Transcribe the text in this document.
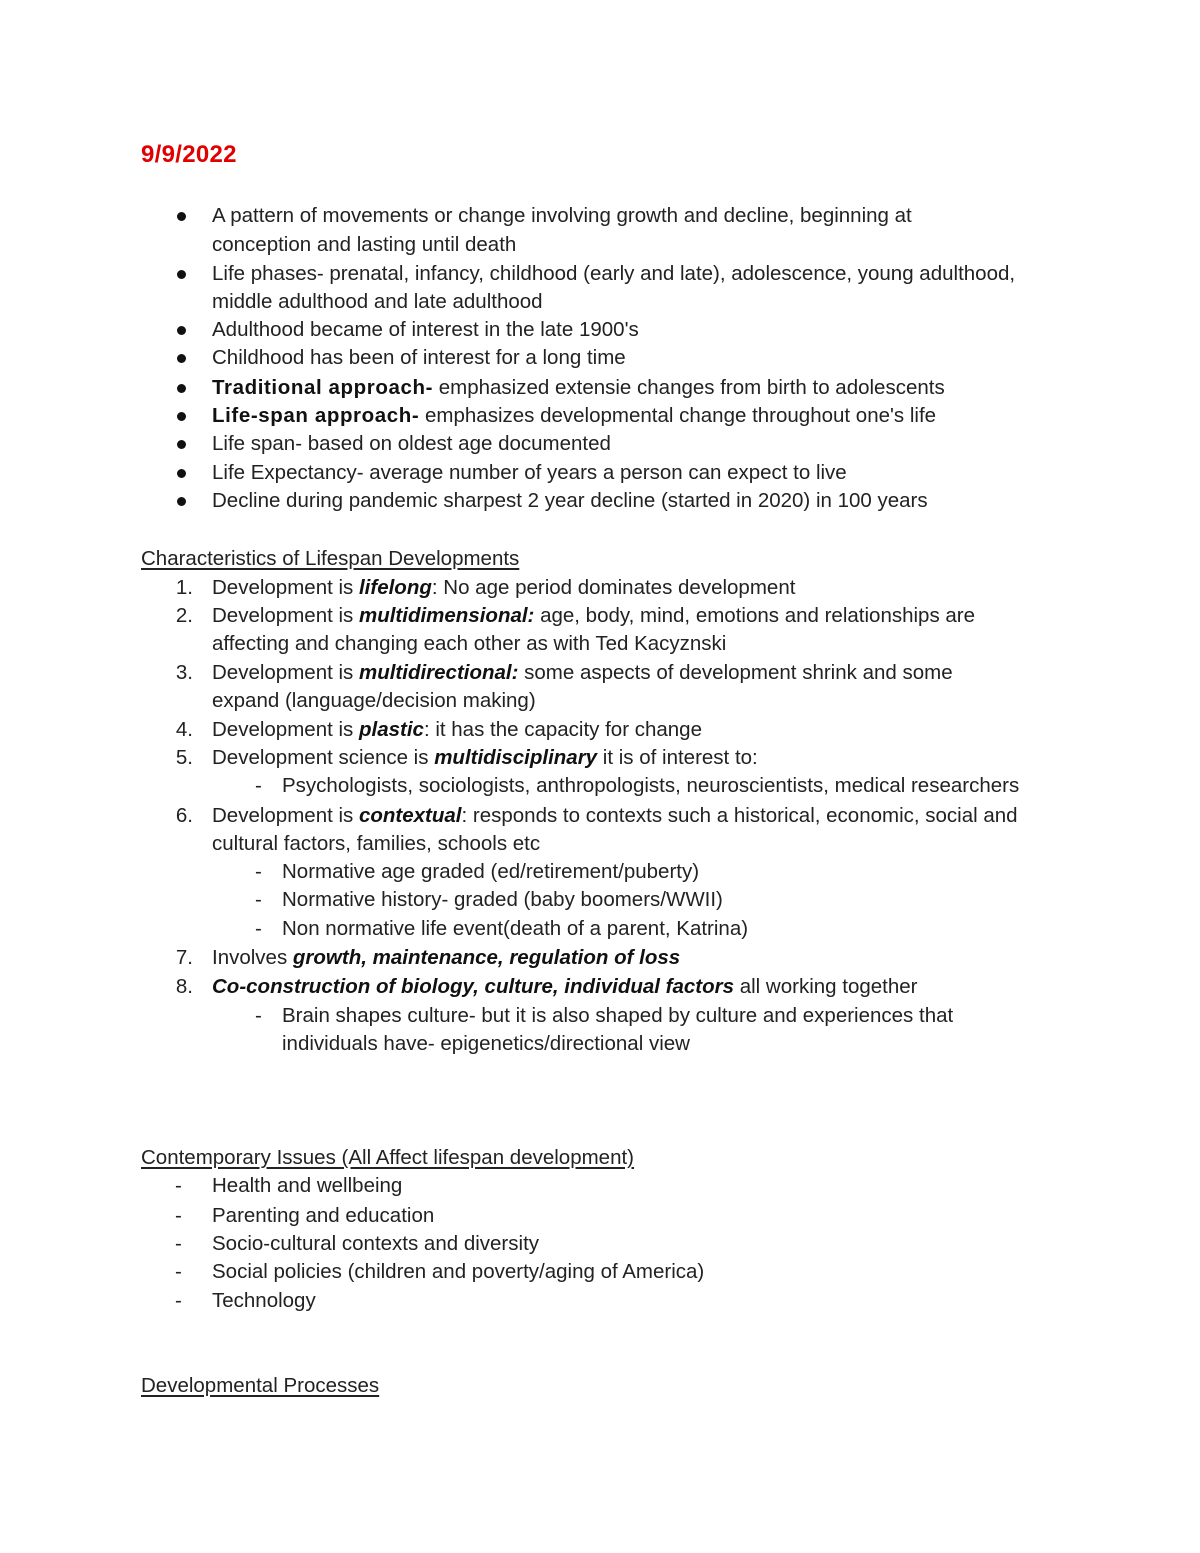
9/9/2022
A pattern of movements or change involving growth and decline, beginning at
conception and lasting until death
Life phases- prenatal, infancy, childhood (early and late), adolescence, young adulthood,
middle adulthood and late adulthood
Adulthood became of interest in the late 1900's
Childhood has been of interest for a long time
Traditional approach- emphasized extensie changes from birth to adolescents
Life-span approach- emphasizes developmental change throughout one's life
Life span- based on oldest age documented
Life Expectancy- average number of years a person can expect to live
Decline during pandemic sharpest 2 year decline (started in 2020) in 100 years
Characteristics of Lifespan Developments
1. Development is lifelong: No age period dominates development
2. Development is multidimensional: age, body, mind, emotions and relationships are
affecting and changing each other as with Ted Kacyznski
3. Development is multidirectional: some aspects of development shrink and some
expand (language/decision making)
4. Development is plastic: it has the capacity for change
5. Development science is multidisciplinary it is of interest to:
- Psychologists, sociologists, anthropologists, neuroscientists, medical researchers
6. Development is contextual: responds to contexts such a historical, economic, social and
cultural factors, families, schools etc
- Normative age graded (ed/retirement/puberty)
- Normative history- graded (baby boomers/WWII)
- Non normative life event(death of a parent, Katrina)
7. Involves growth, maintenance, regulation of loss
8. Co-construction of biology, culture, individual factors all working together
- Brain shapes culture- but it is also shaped by culture and experiences that
individuals have- epigenetics/directional view
Contemporary Issues (All Affect lifespan development)
- Health and wellbeing
- Parenting and education
- Socio-cultural contexts and diversity
- Social policies (children and poverty/aging of America)
- Technology
Developmental Processes
